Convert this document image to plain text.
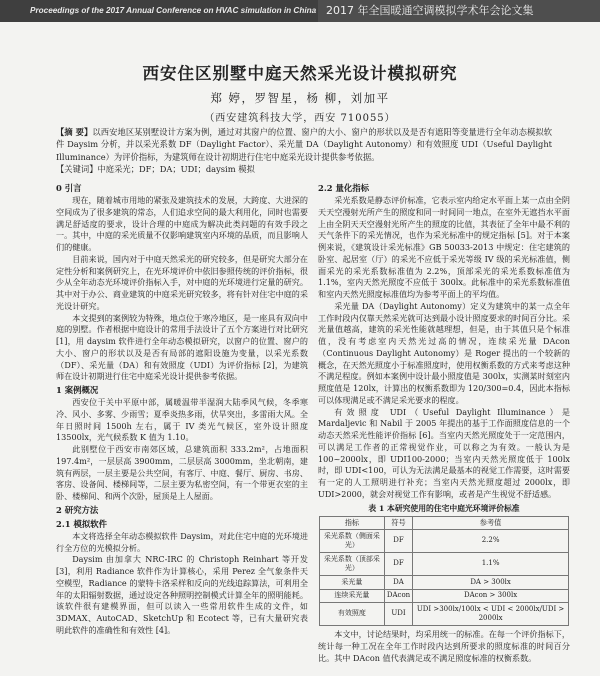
Proceedings of the 2017 Annual Conference on HVAC simulation in China 2017 年全国暖通空调模拟学术年会论文集
西安住区别墅中庭天然采光设计模拟研究
郑 婷，罗智星，杨 柳，刘加平
（西安建筑科技大学，西安 710055）
【摘 要】以西安地区某别墅设计方案为例，通过对其窗户的位置、窗户的大小、窗户的形状以及是否有遮阳等变量进行全年动态模拟软件 Daysim 分析，并以采光系数 DF（Daylight Factor）、采光量 DA（Daylight Autonomy）和有效照度 UDI（Useful Daylight Illuminance）为评价指标，为建筑师在设计初期进行住宅中庭采光设计提供参考依据。
【关键词】中庭采光；DF；DA；UDI；daysim 模拟
0 引言

现在，随着城市用地的紧张及建筑技术的发展，大跨度、大进深的空间成为了很多建筑的常态，人们追求空间的最大利用化，同时也需要满足舒适度的要求，设计合理的中庭成为解决此类问题的有效手段之一。其中，中庭的采光质量不仅影响建筑室内环境的品质，而且影响人们的健康。

目前来说，国内对于中庭天然采光的研究较多，但是研究大部分在定性分析和案例研究上，在光环境评价中依旧参照传统的评价指标，很少从全年动态光环境评价指标入手，对中庭的光环境进行定量的研究。其中对于办公、商业建筑的中庭采光研究较多，将有针对住宅中庭的采光设计研究。

本文提到的案例较为特殊，地点位于寒冷地区，是一座具有双向中庭的别墅。作者根据中庭设计的常用手法设计了五个方案进行对比研究 [1]，用 daysim 软件进行全年动态模拟研究，以窗户的位置、窗户的大小、窗户的形状以及是否有局部的遮阳设施为变量，以采光系数（DF）、采光量（DA）和有效照度（UDI）为评价指标 [2]，为建筑师在设计初期进行住宅中庭采光设计提供参考依据。

1 案例概况

西安位于关中平原中部，属暖温带半湿润大陆季风气候，冬季寒冷、风小、多雾、少雨雪；夏季炎热多雨，伏旱突出，多雷雨大风。全年日照时间 1500h 左右，属于 IV 类光气候区，室外设计照度 13500lx，光气候系数 K 值为 1.10。

此别墅位于西安市南郊区域，总建筑面积 333.2m²，占地面积 197.4m²，一层层高 3900mm，二层层高 3000mm，坐北朝南，建筑有两层，一层主要是公共空间，有客厅、中庭、餐厅、厨房、书房、客房、设备间、楼梯间等，二层主要为私密空间，有一个带更衣室的主卧、楼梯间、和两个次卧，屋顶是上人屋面。

2 研究方法
2.1 模拟软件

本文将选择全年动态模拟软件 Daysim，对此住宅中庭的光环境进行全方位的光模拟分析。

Daysim 由加拿大 NRC-IRC 的 Christoph Reinhart 等开发 [3]，利用 Radiance 软件作为计算核心，采用 Perez 全气象条件天空模型，Radiance 的蒙特卡洛采样和反向的光线追踪算法，可利用全年的太阳辐射数据，通过设定各种照明控制模式计算全年的照明能耗。该软件很有建模界面，但可以读入一些常用软件生成的文件，如 3DMAX、AutoCAD、SketchUp 和 Ecotect 等，已有大量研究表明此软件的准确性和有效性 [4]。

2.2 量化指标

采光系数是静态评价标准，它表示室内给定水平面上某一点由全阴天天空漫射光所产生的照度和同一时间同一地点，在室外无遮挡水平面上由全阴天天空漫射光所产生的照度的比值，其表征了全年中最不利的天气条件下的采光情况，也作为采光标准中的规定指标 [5]。对于本案例来说，《建筑设计采光标准》GB 50033-2013 中规定：住宅建筑的卧室、起居室（厅）的采光不应低于采光等级 IV 级的采光标准值，侧面采光的采光系数标准值为 2.2%，顶部采光的采光系数标准值为 1.1%，室内天然光照度不应低于 300lx。此标准中的采光系数标准值和室内天然光照度标准值均为参考平面上的平均值。

采光量 DA（Daylight Autonomy）定义为建筑中的某一点全年工作时段内仅靠天然采光就可达到最小设计照度要求的时间百分比。采光量值越高，建筑的采光性能就越理想，但是，由于其值只是个标准值，没有考虑室内天然光过高的情况，连续采光量 DAcon（Continuous Daylight Autonomy）是 Roger 提出的一个较新的概念，在天然光照度小于标准照度时，使用权衡系数的方式来考虑这种不满足程度。例如本案例中设计最小照度值是 300lx，实测某时刻室内照度值是 120lx，计算出的权衡系数即为 120/300=0.4，因此本指标可以体现满足或不满足采光要求的程度。

有效照度 UDI（Useful Daylight Illuminance）是 Mardaljevic 和 Nabil 于 2005 年提出的基于工作面照度信息的一个动态天然采光性能评价指标 [6]。当室内天然光照度处于一定范围内，可以满足工作者的正常视觉作业，可以称之为有效。一般认为是 100~2000lx，即 UDI100-2000；当室内天然光照度低于 100lx 时，即 UDI<100，可认为无法满足最基本的视觉工作需要，这时需要有一定的人工照明进行补充；当室内天然光照度超过 2000lx，即 UDI>2000，就会对视觉工作有影响，或者是产生视觉不舒适感。

表 1 本研究使用的住宅中庭光环境评价标准
指标	符号	参考值
采光系数（侧面采光）	DF	2.2%
采光系数（顶部采光）	DF	1.1%
采光量	DA	DA > 300lx
连续采光量	DAcon	DAcon > 300lx
有效照度	UDI	UDI >300lx/100lx < UDI < 2000lx/UDI > 2000lx

本文中，讨论结果时，均采用统一的标准。在每一个评价指标下，统计每一种工况在全年工作时段内达到所要求的照度标准的时间百分比。其中 DAcon 值代表满足或不满足照度标准的权衡系数。
